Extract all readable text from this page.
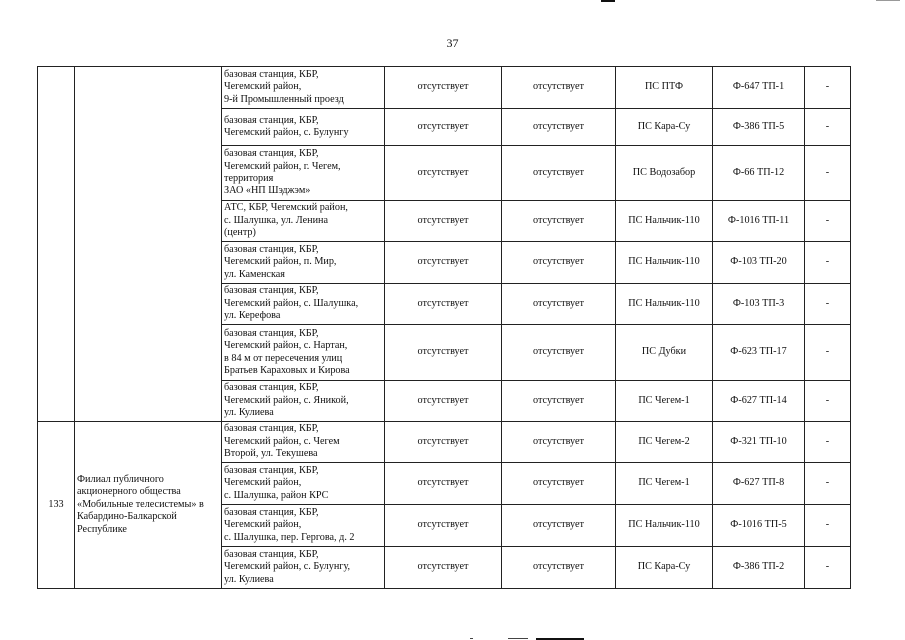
37
		базовая станция, КБР,
Чегемский район,
9-й Промышленный проезд	отсутствует	отсутствует	ПС ПТФ	Ф-647 ТП-1	-
		базовая станция, КБР,
Чегемский район, с. Булунгу	отсутствует	отсутствует	ПС Кара-Су	Ф-386 ТП-5	-
		базовая станция, КБР,
Чегемский район, г. Чегем,
территория
ЗАО «НП Шэджэм»	отсутствует	отсутствует	ПС Водозабор	Ф-66 ТП-12	-
		АТС, КБР, Чегемский район,
с. Шалушка, ул. Ленина
(центр)	отсутствует	отсутствует	ПС Нальчик-110	Ф-1016 ТП-11	-
		базовая станция, КБР,
Чегемский район, п. Мир,
ул. Каменская	отсутствует	отсутствует	ПС Нальчик-110	Ф-103 ТП-20	-
		базовая станция, КБР,
Чегемский район, с. Шалушка,
ул. Керефова	отсутствует	отсутствует	ПС Нальчик-110	Ф-103 ТП-3	-
		базовая станция, КБР,
Чегемский район, с. Нартан,
в 84 м от пересечения улиц
Братьев Караховых и Кирова	отсутствует	отсутствует	ПС Дубки	Ф-623 ТП-17	-
		базовая станция, КБР,
Чегемский район, с. Яникой,
ул. Кулиева	отсутствует	отсутствует	ПС Чегем-1	Ф-627 ТП-14	-
133	Филиал публичного акционерного общества «Мобильные телесистемы» в Кабардино-Балкарской Республике	базовая станция, КБР,
Чегемский район, с. Чегем
Второй, ул. Текушева	отсутствует	отсутствует	ПС Чегем-2	Ф-321 ТП-10	-
		базовая станция, КБР,
Чегемский район,
с. Шалушка, район КРС	отсутствует	отсутствует	ПС Чегем-1	Ф-627 ТП-8	-
		базовая станция, КБР,
Чегемский район,
с. Шалушка, пер. Гергова, д. 2	отсутствует	отсутствует	ПС Нальчик-110	Ф-1016 ТП-5	-
		базовая станция, КБР,
Чегемский район, с. Булунгу,
ул. Кулиева	отсутствует	отсутствует	ПС Кара-Су	Ф-386 ТП-2	-
